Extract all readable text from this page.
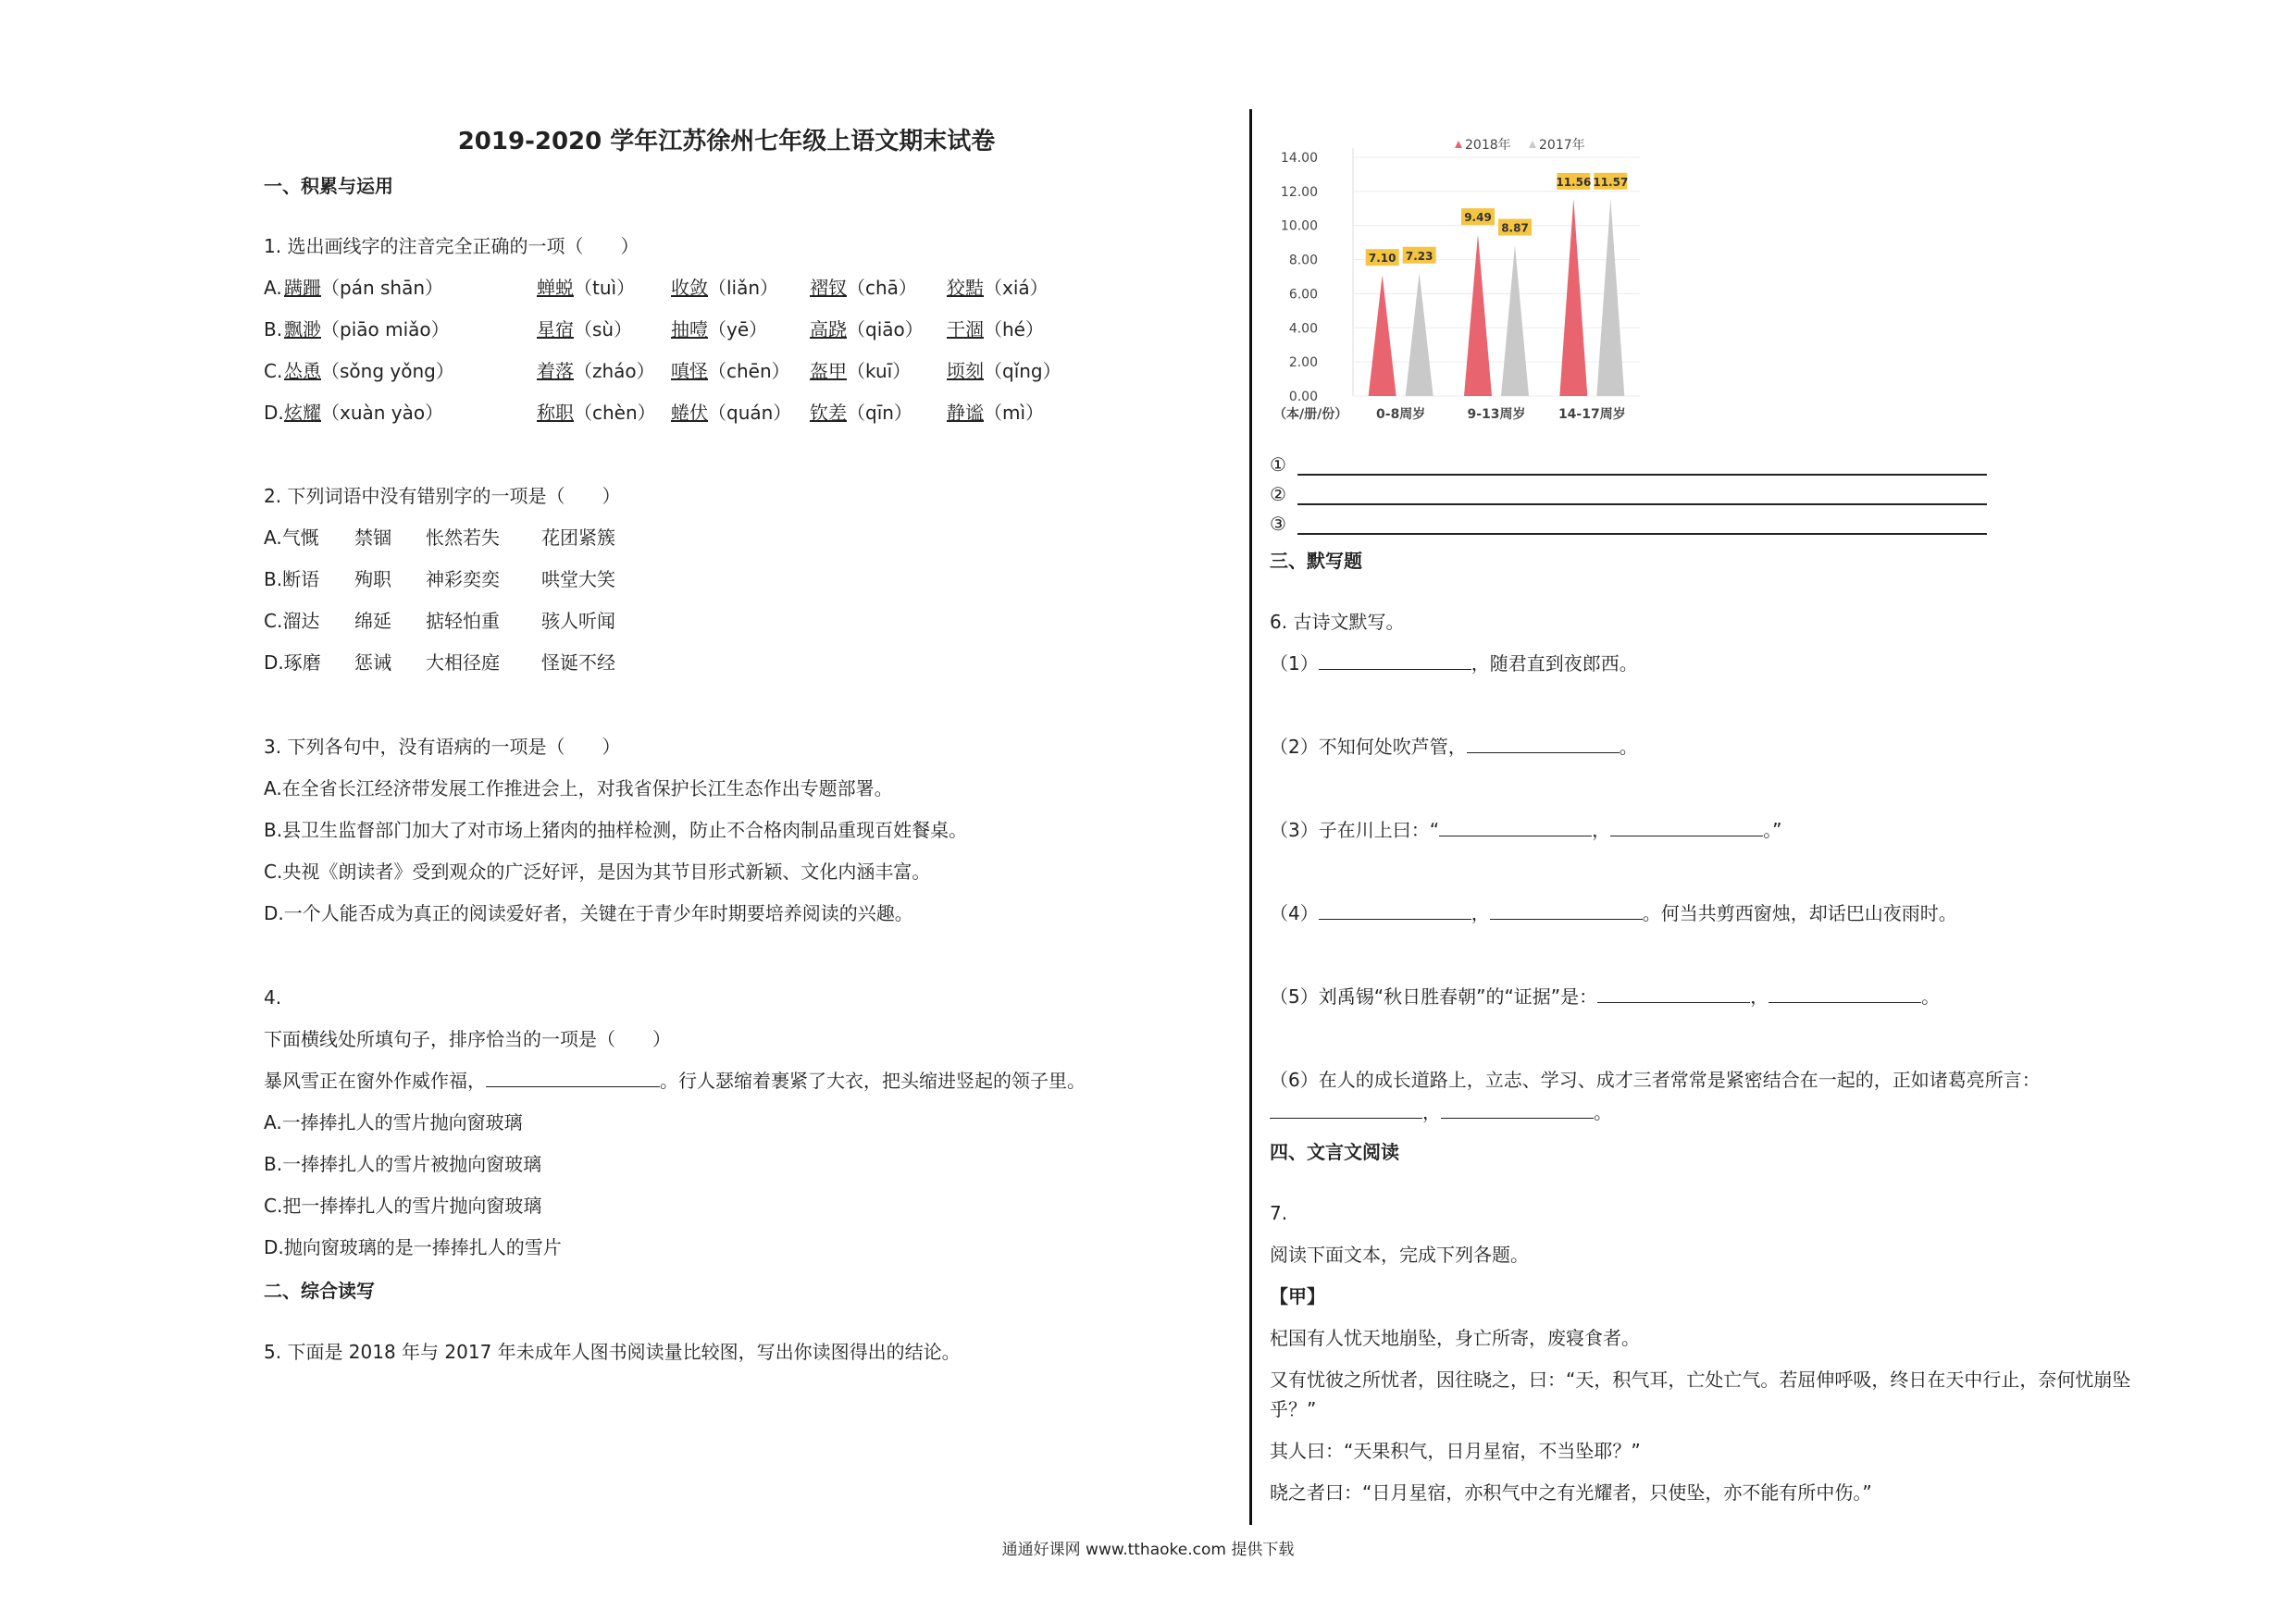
2019-2020 学年江苏徐州七年级上语文期末试卷
一、积累与运用
1. 选出画线字的注音完全正确的一项（　　）
2. 下列词语中没有错别字的一项是（　　）
3. 下列各句中，没有语病的一项是（　　）
4.
下面横线处所填句子，排序恰当的一项是（　　）
暴风雪正在窗外作威作福，	。行人瑟缩着裹紧了大衣，把头缩进竖起的领子里。
二、综合读写
5. 下面是 2018 年与 2017 年未成年人图书阅读量比较图，写出你读图得出的结论。
A. 蹒跚（pán shān）	蝉蜕（tuì） 收敛（liǎn） 褶钗（chā） 狡黠（xiá）
B. 飘渺（piāo miǎo）	星宿（sù） 抽噎（yē） 高跷（qiāo） 干涸（hé）
C. 怂恿（sǒng yǒng）	着落（zháo） 嗔怪（chēn） 盔甲（kuī） 顷刻（qǐng）
D. 炫耀（xuàn yào）	称职（chèn） 蜷伏（quán） 钦差（qīn） 静谧（mì）
A.气慨 禁锢 怅然若失 花团紧簇
B.断语 殉职 神彩奕奕 哄堂大笑
C.溜达 绵延 掂轻怕重 骇人听闻
D.琢磨 惩诫 大相径庭 怪诞不经
A.在全省长江经济带发展工作推进会上，对我省保护长江生态作出专题部署。
B.县卫生监督部门加大了对市场上猪肉的抽样检测，防止不合格肉制品重现百姓餐桌。
C.央视《朗读者》受到观众的广泛好评，是因为其节目形式新颖、文化内涵丰富。
D.一个人能否成为真正的阅读爱好者，关键在于青少年时期要培养阅读的兴趣。
A.一捧捧扎人的雪片抛向窗玻璃
B.一捧捧扎人的雪片被抛向窗玻璃
C.把一捧捧扎人的雪片抛向窗玻璃
D.抛向窗玻璃的是一捧捧扎人的雪片
2018年 2017年
7.10 7.23
9.49
8.87
11.56 11.57
14.00
12.00
10.00
8.00
6.00
4.00
2.00
0.00
0-8周岁	9-13周岁	14-17周岁
（本/册/份）
①
②
③
三、默写题
6. 古诗文默写。
（1）	，随君直到夜郎西。
（2）不知何处吹芦管，	。
（3）子在川上曰：“	，	。”
（4）	，	。何当共剪西窗烛，却话巴山夜雨时。
（5）刘禹锡“秋日胜春朝”的“证据”是：	，	。
（6）在人的成长道路上，立志、学习、成才三者常常是紧密结合在一起的，正如诸葛亮所言：
，	。
四、文言文阅读
7.
阅读下面文本，完成下列各题。
【甲】
杞国有人忧天地崩坠，身亡所寄，废寝食者。
又有忧彼之所忧者，因往晓之，曰：“天，积气耳，亡处亡气。若屈伸呼吸，终日在天中行止，奈何忧崩坠
乎？”
其人曰：“天果积气，日月星宿，不当坠耶？”
晓之者曰：“日月星宿，亦积气中之有光耀者，只使坠，亦不能有所中伤。”
通通好课网 www.tthaoke.com 提供下载
